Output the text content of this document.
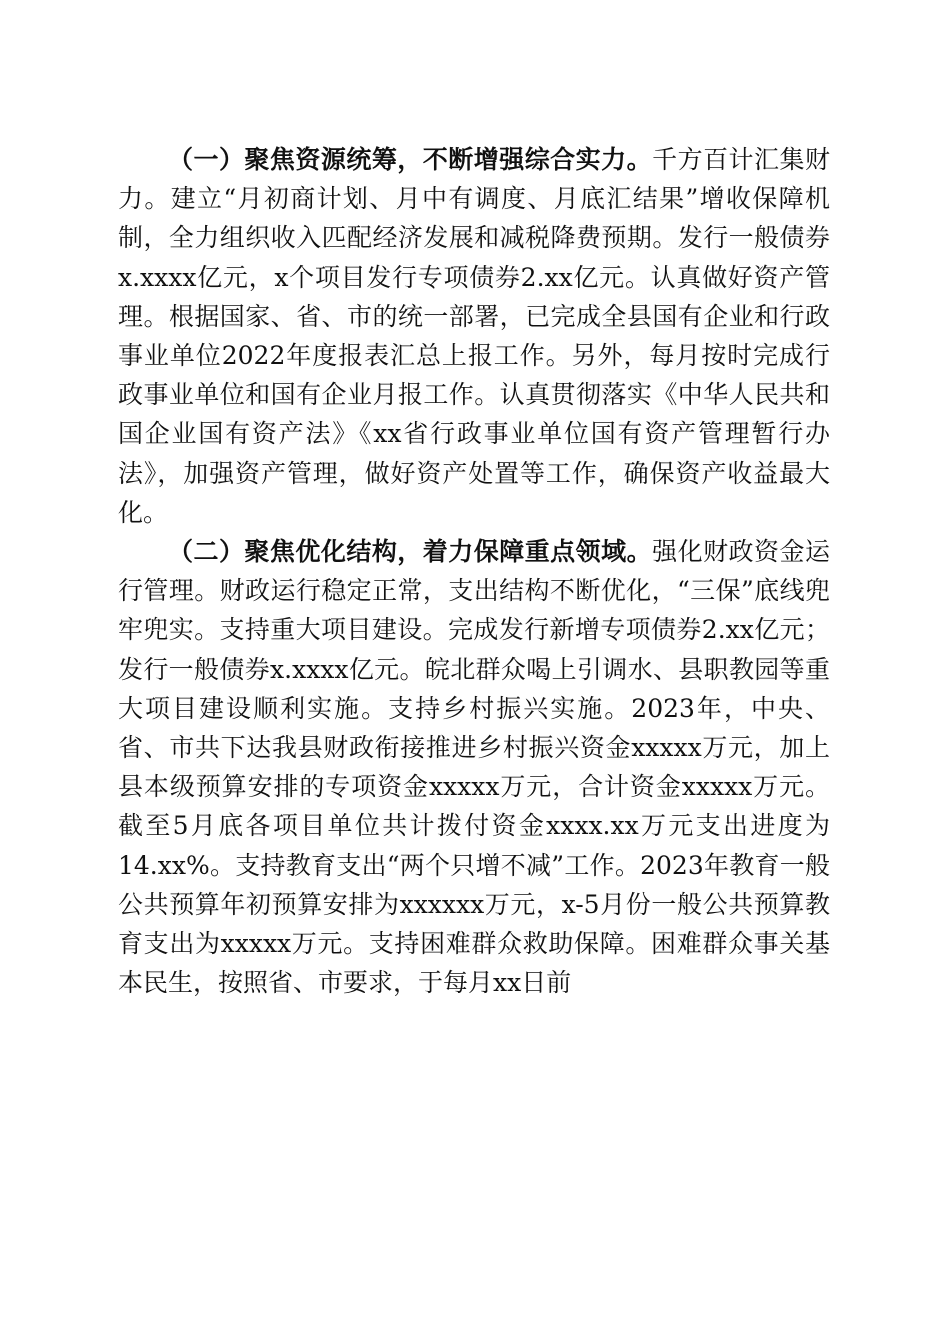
（一）聚焦资源统筹，不断增强综合实力。千方百计汇集财力。建立“月初商计划、月中有调度、月底汇结果”增收保障机制，全力组织收入匹配经济发展和减税降费预期。发行一般债券x.xxxx亿元，x个项目发行专项债券2.xx亿元。认真做好资产管理。根据国家、省、市的统一部署，已完成全县国有企业和行政事业单位2022年度报表汇总上报工作。另外，每月按时完成行政事业单位和国有企业月报工作。认真贯彻落实《中华人民共和国企业国有资产法》《xx省行政事业单位国有资产管理暂行办法》，加强资产管理，做好资产处置等工作，确保资产收益最大化。

（二）聚焦优化结构，着力保障重点领域。强化财政资金运行管理。财政运行稳定正常，支出结构不断优化，“三保”底线兜牢兜实。支持重大项目建设。完成发行新增专项债券2.xx亿元；发行一般债券x.xxxx亿元。皖北群众喝上引调水、县职教园等重大项目建设顺利实施。支持乡村振兴实施。2023年，中央、省、市共下达我县财政衔接推进乡村振兴资金xxxxx万元，加上县本级预算安排的专项资金xxxxx万元，合计资金xxxxx万元。截至5月底各项目单位共计拨付资金xxxx.xx万元支出进度为14.xx%。支持教育支出“两个只增不减”工作。2023年教育一般公共预算年初预算安排为xxxxxx万元，x-5月份一般公共预算教育支出为xxxxx万元。支持困难群众救助保障。困难群众事关基本民生，按照省、市要求，于每月xx日前
